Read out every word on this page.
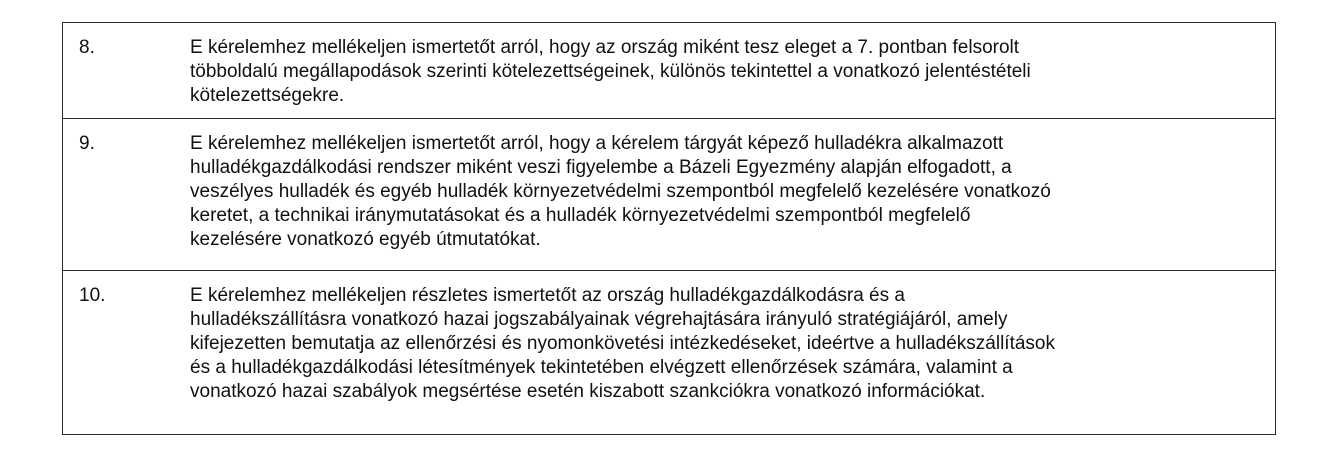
8.	E kérelemhez mellékeljen ismertetőt arról, hogy az ország miként tesz eleget a 7. pontban felsorolt
többoldalú megállapodások szerinti kötelezettségeinek, különös tekintettel a vonatkozó jelentéstételi
kötelezettségekre.
9.	E kérelemhez mellékeljen ismertetőt arról, hogy a kérelem tárgyát képező hulladékra alkalmazott
hulladékgazdálkodási rendszer miként veszi figyelembe a Bázeli Egyezmény alapján elfogadott, a
veszélyes hulladék és egyéb hulladék környezetvédelmi szempontból megfelelő kezelésére vonatkozó
keretet, a technikai iránymutatásokat és a hulladék környezetvédelmi szempontból megfelelő
kezelésére vonatkozó egyéb útmutatókat.
10.	E kérelemhez mellékeljen részletes ismertetőt az ország hulladékgazdálkodásra és a
hulladékszállításra vonatkozó hazai jogszabályainak végrehajtására irányuló stratégiájáról, amely
kifejezetten bemutatja az ellenőrzési és nyomonkövetési intézkedéseket, ideértve a hulladékszállítások
és a hulladékgazdálkodási létesítmények tekintetében elvégzett ellenőrzések számára, valamint a
vonatkozó hazai szabályok megsértése esetén kiszabott szankciókra vonatkozó információkat.
